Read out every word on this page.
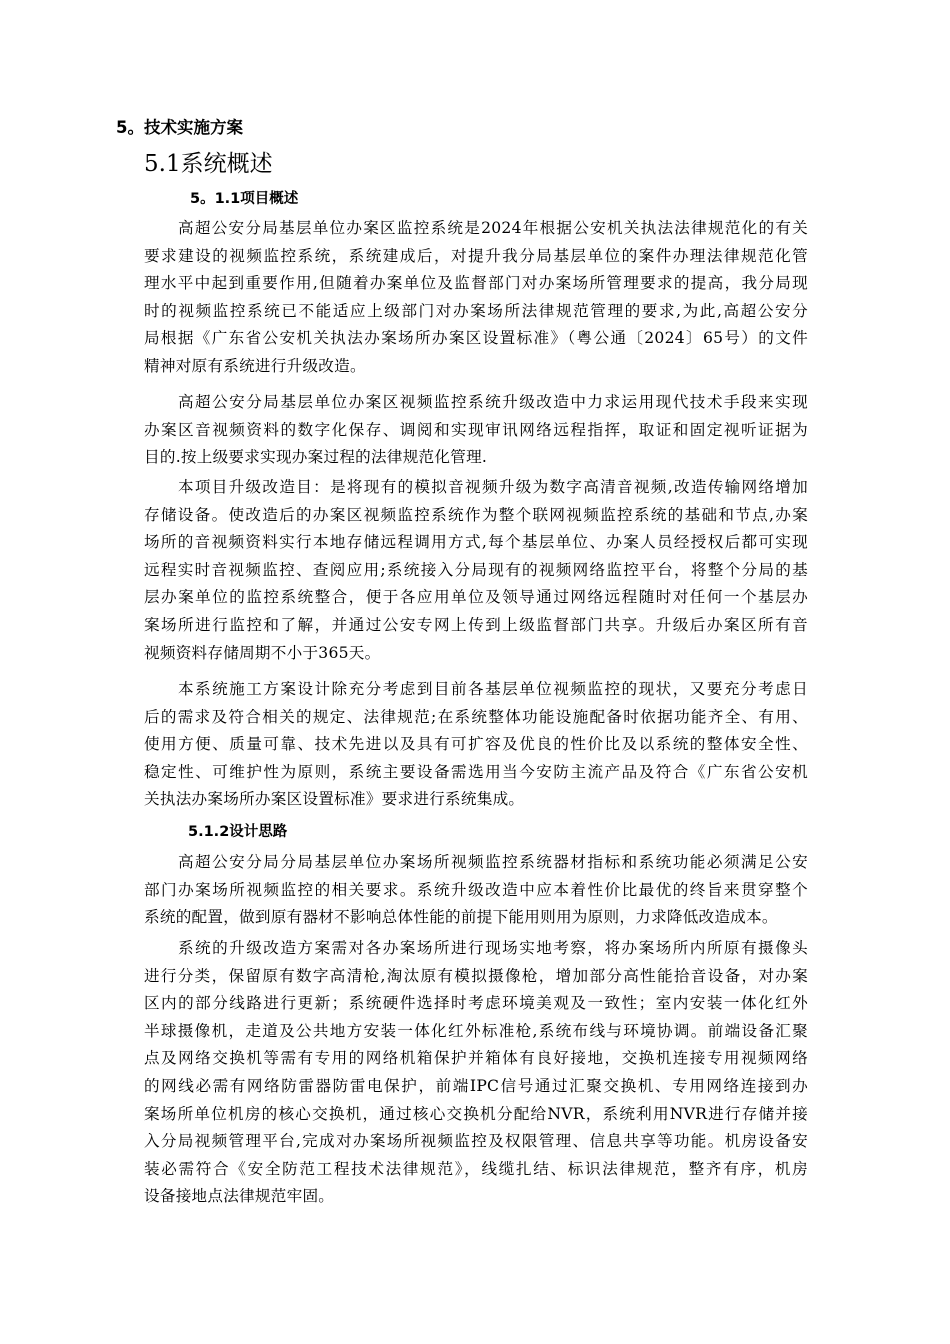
5。技术实施方案
5.1系统概述
5。1.1项目概述
高超公安分局基层单位办案区监控系统是2024年根据公安机关执法法律规范化的有关
要求建设的视频监控系统，系统建成后，对提升我分局基层单位的案件办理法律规范化管
理水平中起到重要作用,但随着办案单位及监督部门对办案场所管理要求的提高，我分局现
时的视频监控系统已不能适应上级部门对办案场所法律规范管理的要求,为此,高超公安分
局根据《广东省公安机关执法办案场所办案区设置标准》（粤公通〔2024〕65号）的文件
精神对原有系统进行升级改造。
高超公安分局基层单位办案区视频监控系统升级改造中力求运用现代技术手段来实现
办案区音视频资料的数字化保存、调阅和实现审讯网络远程指挥，取证和固定视听证据为
目的.按上级要求实现办案过程的法律规范化管理.
本项目升级改造目：是将现有的模拟音视频升级为数字高清音视频,改造传输网络增加
存储设备。使改造后的办案区视频监控系统作为整个联网视频监控系统的基础和节点,办案
场所的音视频资料实行本地存储远程调用方式,每个基层单位、办案人员经授权后都可实现
远程实时音视频监控、查阅应用;系统接入分局现有的视频网络监控平台，将整个分局的基
层办案单位的监控系统整合，便于各应用单位及领导通过网络远程随时对任何一个基层办
案场所进行监控和了解，并通过公安专网上传到上级监督部门共享。升级后办案区所有音
视频资料存储周期不小于365天。
本系统施工方案设计除充分考虑到目前各基层单位视频监控的现状，又要充分考虑日
后的需求及符合相关的规定、法律规范;在系统整体功能设施配备时依据功能齐全、有用、
使用方便、质量可靠、技术先进以及具有可扩容及优良的性价比及以系统的整体安全性、
稳定性、可维护性为原则，系统主要设备需选用当今安防主流产品及符合《广东省公安机
关执法办案场所办案区设置标准》要求进行系统集成。
5.1.2设计思路
高超公安分局分局基层单位办案场所视频监控系统器材指标和系统功能必须满足公安
部门办案场所视频监控的相关要求。系统升级改造中应本着性价比最优的终旨来贯穿整个
系统的配置，做到原有器材不影响总体性能的前提下能用则用为原则，力求降低改造成本。
系统的升级改造方案需对各办案场所进行现场实地考察，将办案场所内所原有摄像头
进行分类，保留原有数字高清枪,淘汰原有模拟摄像枪，增加部分高性能拾音设备，对办案
区内的部分线路进行更新；系统硬件选择时考虑环境美观及一致性；室内安装一体化红外
半球摄像机，走道及公共地方安装一体化红外标准枪,系统布线与环境协调。前端设备汇聚
点及网络交换机等需有专用的网络机箱保护并箱体有良好接地，交换机连接专用视频网络
的网线必需有网络防雷器防雷电保护，前端IPC信号通过汇聚交换机、专用网络连接到办
案场所单位机房的核心交换机，通过核心交换机分配给NVR，系统利用NVR进行存储并接
入分局视频管理平台,完成对办案场所视频监控及权限管理、信息共享等功能。机房设备安
装必需符合《安全防范工程技术法律规范》，线缆扎结、标识法律规范，整齐有序，机房
设备接地点法律规范牢固。
